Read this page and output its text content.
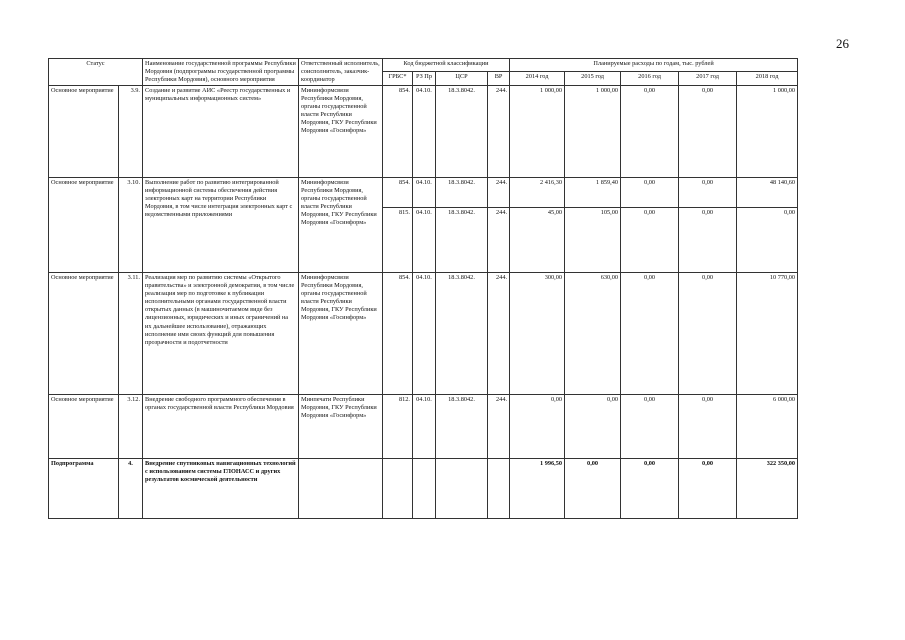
26
Статус		Наименование государственной программы Республики Мордовия (подпрограммы государственной программы Республики Мордовия), основного мероприятия	Ответственный исполнитель, соисполнитель, заказчик-координатор	Код бюджетной классификации				Планируемые расходы по годам, тыс. рублей				
				ГРБС*	РЗ Пр	ЦСР	ВР	2014 год	2015 год	2016 год	2017 год	2018 год
Основное мероприятие	3.9.	Создание и развитие АИС «Реестр государственных и муниципальных информационных систем»	Мининформсвязи Республики Мордовия, органы государственной власти Республики Мордовия, ГКУ Республики Мордовия «Госинформ»	854.	04.10.	18.3.8042.	244.	1 000,00	1 000,00	0,00	0,00	1 000,00
Основное мероприятие	3.10.	Выполнение работ по развитию интегрированной информационной системы обеспечения действия электронных карт на территории Республики Мордовия, в том числе интеграция электронных карт с ведомственными приложениями	Мининформсвязи Республики Мордовия, органы государственной власти Республики Мордовия, ГКУ Республики Мордовия «Госинформ»	854.	04.10.	18.3.8042.	244.	2 416,30	1 859,40	0,00	0,00	48 140,60
				815.	04.10.	18.3.8042.	244.	45,00	105,00	0,00	0,00	0,00
Основное мероприятие	3.11.	Реализация мер по развитию системы «Открытого правительства» и электронной демократии, в том числе реализация мер по подготовке к публикации исполнительными органами государственной власти открытых данных (в машиночитаемом виде без лицензионных, юридических и иных ограничений на их дальнейшее использование), отражающих исполнение ими своих функций для повышения прозрачности и подотчетности	Мининформсвязи Республики Мордовия, органы государственной власти Республики Мордовия, ГКУ Республики Мордовия «Госинформ»	854.	04.10.	18.3.8042.	244.	300,00	630,00	0,00	0,00	10 770,00
Основное мероприятие	3.12.	Внедрение свободного программного обеспечения в органах государственной власти Республики Мордовия	Минпечати Республики Мордовия, ГКУ Республики Мордовия «Госинформ»	812.	04.10.	18.3.8042.	244.	0,00	0,00	0,00	0,00	6 000,00
Подпрограмма	4.	Внедрение спутниковых навигационных технологий с использованием системы ГЛОНАСС и других результатов космической деятельности						1 996,50	0,00	0,00	0,00	322 350,00
